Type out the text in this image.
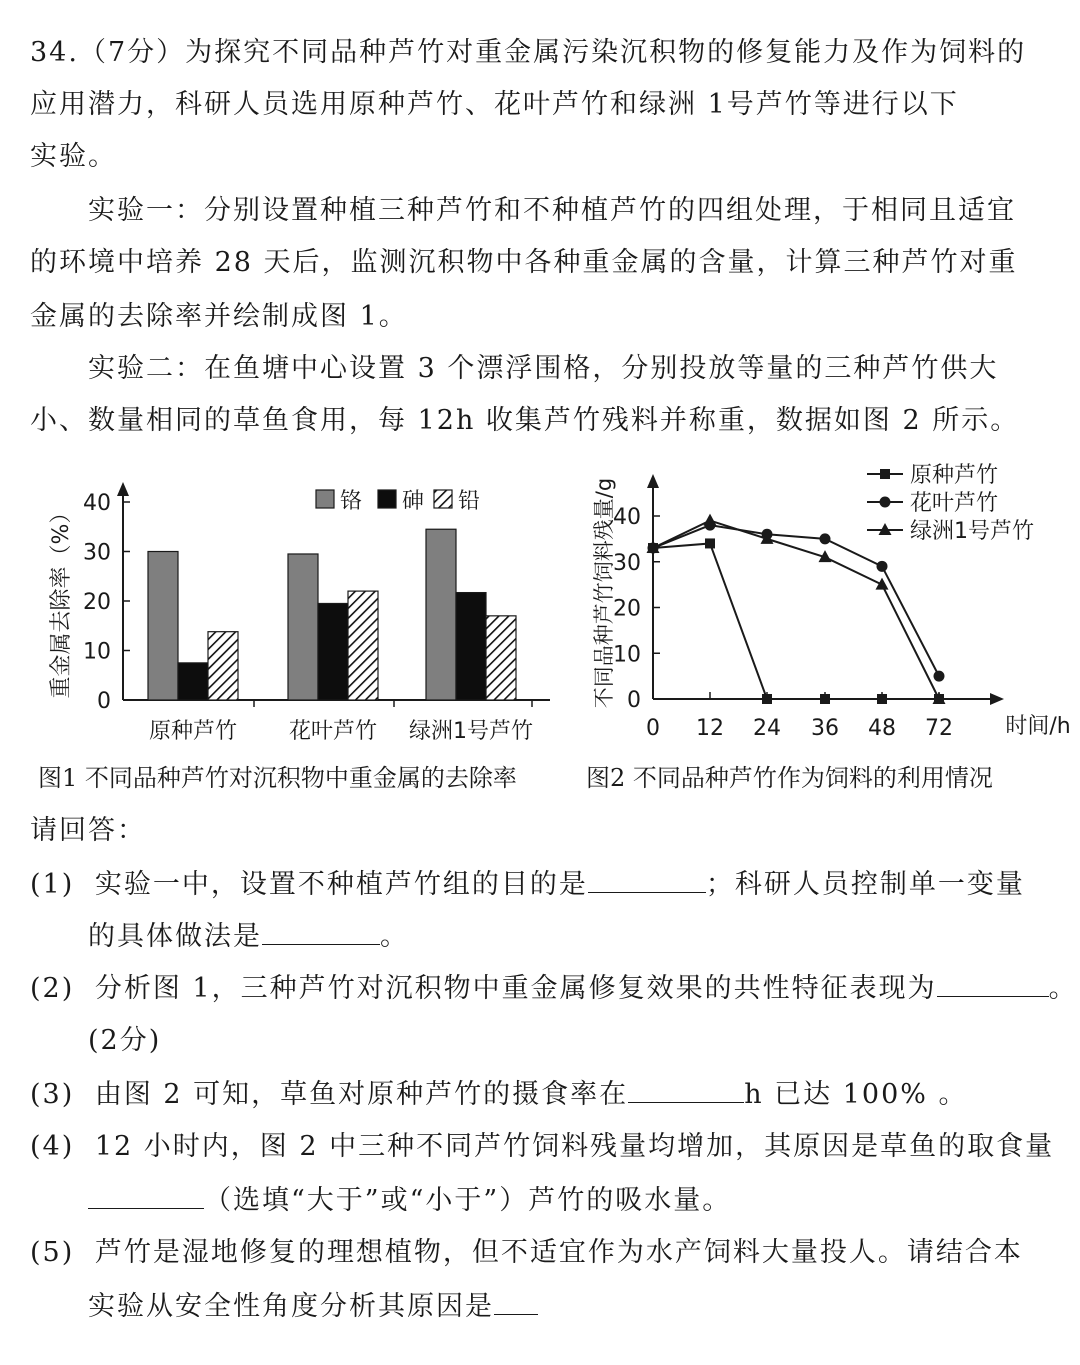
34.（7分）为探究不同品种芦竹对重金属污染沉积物的修复能力及作为饲料的
应用潜力，科研人员选用原种芦竹、花叶芦竹和绿洲 1号芦竹等进行以下
实验。
实验一：分别设置种植三种芦竹和不种植芦竹的四组处理，于相同且适宜
的环境中培养 28 天后，监测沉积物中各种重金属的含量，计算三种芦竹对重
金属的去除率并绘制成图 1。
实验二：在鱼塘中心设置 3 个漂浮围格，分别投放等量的三种芦竹供大
小、数量相同的草鱼食用，每 12h 收集芦竹残料并称重，数据如图 2 所示。
重金属去除率（%）
0
10
20
30
40
原种芦竹 花叶芦竹 绿洲1号芦竹
铬 砷 铅
图1 不同品种芦竹对沉积物中重金属的去除率
不同品种芦竹饲料残量/g 0
10
20
30
40
0 12 24 36 48 72 时间/h
原种芦竹
花叶芦竹
绿洲1号芦竹
图2 不同品种芦竹作为饲料的利用情况
请回答：
(1) 实验一中，设置不种植芦竹组的目的是	；科研人员控制单一变量
的具体做法是	。
(2) 分析图 1，三种芦竹对沉积物中重金属修复效果的共性特征表现为	。
(2分)
(3) 由图 2 可知，草鱼对原种芦竹的摄食率在	h 已达 100% 。
(4) 12 小时内，图 2 中三种不同芦竹饲料残量均增加，其原因是草鱼的取食量
（选填“大于”或“小于”）芦竹的吸水量。
(5) 芦竹是湿地修复的理想植物，但不适宜作为水产饲料大量投人。请结合本
实验从安全性角度分析其原因是
